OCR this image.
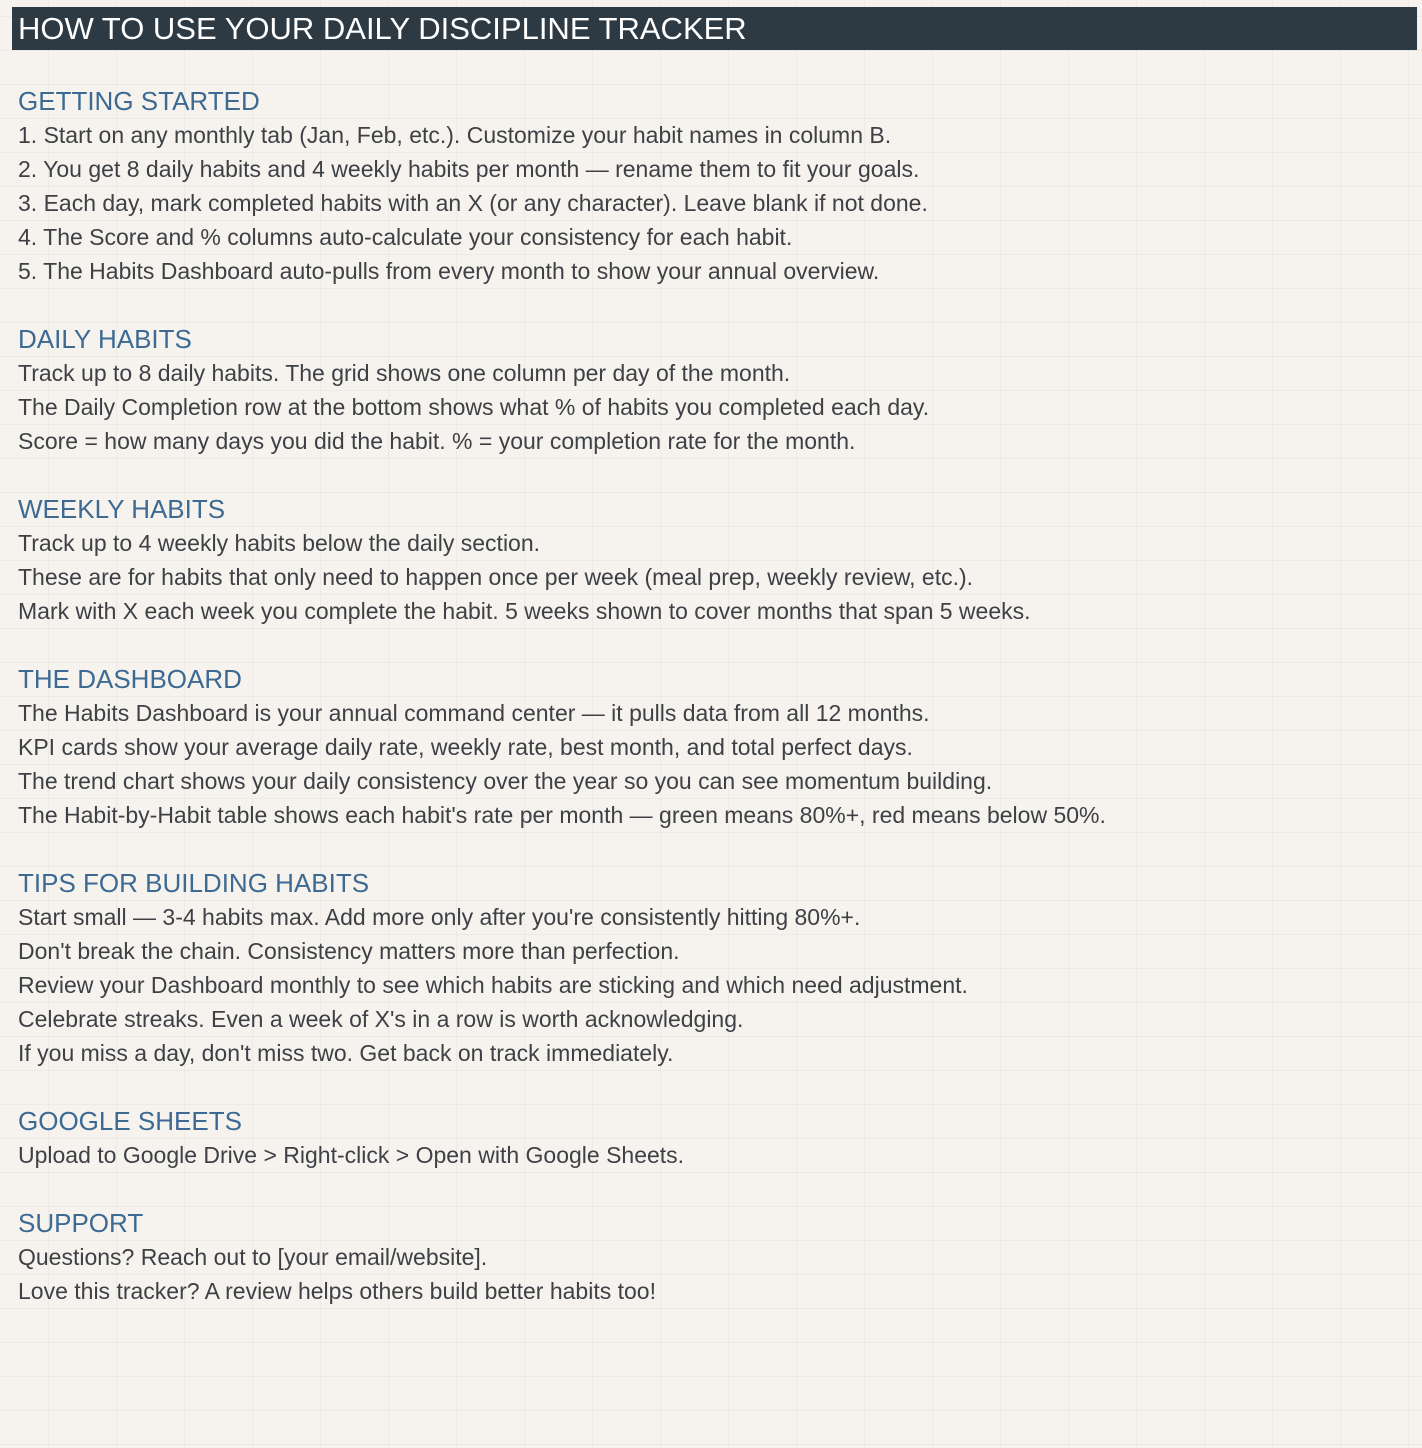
HOW TO USE YOUR DAILY DISCIPLINE TRACKER
GETTING STARTED
1. Start on any monthly tab (Jan, Feb, etc.). Customize your habit names in column B.
2. You get 8 daily habits and 4 weekly habits per month — rename them to fit your goals.
3. Each day, mark completed habits with an X (or any character). Leave blank if not done.
4. The Score and % columns auto-calculate your consistency for each habit.
5. The Habits Dashboard auto-pulls from every month to show your annual overview.
DAILY HABITS
Track up to 8 daily habits. The grid shows one column per day of the month.
The Daily Completion row at the bottom shows what % of habits you completed each day.
Score = how many days you did the habit. % = your completion rate for the month.
WEEKLY HABITS
Track up to 4 weekly habits below the daily section.
These are for habits that only need to happen once per week (meal prep, weekly review, etc.).
Mark with X each week you complete the habit. 5 weeks shown to cover months that span 5 weeks.
THE DASHBOARD
The Habits Dashboard is your annual command center — it pulls data from all 12 months.
KPI cards show your average daily rate, weekly rate, best month, and total perfect days.
The trend chart shows your daily consistency over the year so you can see momentum building.
The Habit-by-Habit table shows each habit's rate per month — green means 80%+, red means below 50%.
TIPS FOR BUILDING HABITS
Start small — 3-4 habits max. Add more only after you're consistently hitting 80%+.
Don't break the chain. Consistency matters more than perfection.
Review your Dashboard monthly to see which habits are sticking and which need adjustment.
Celebrate streaks. Even a week of X's in a row is worth acknowledging.
If you miss a day, don't miss two. Get back on track immediately.
GOOGLE SHEETS
Upload to Google Drive > Right-click > Open with Google Sheets.
SUPPORT
Questions? Reach out to [your email/website].
Love this tracker? A review helps others build better habits too!
